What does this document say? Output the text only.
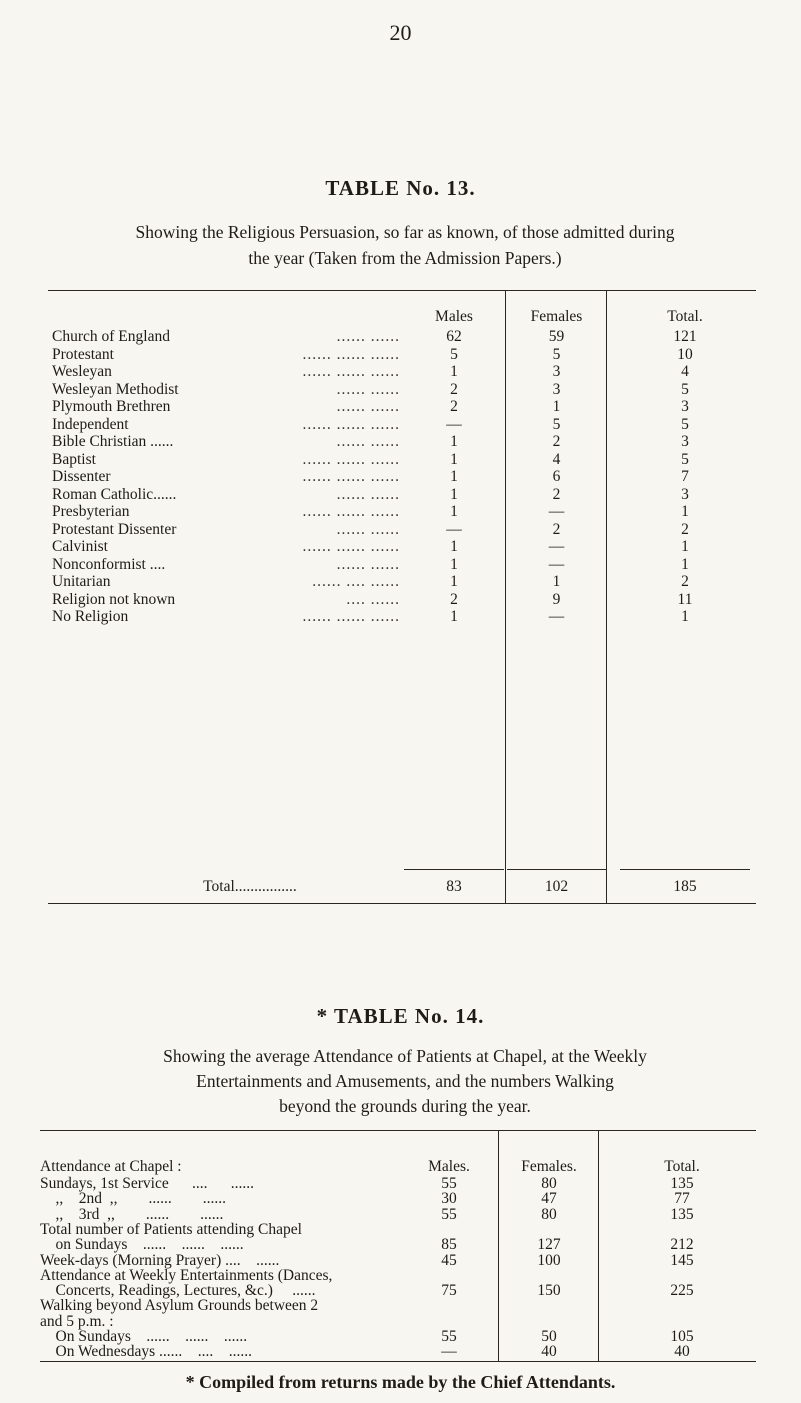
20
TABLE No. 13.
Showing the Religious Persuasion, so far as known, of those admitted during
the year (Taken from the Admission Papers.)
Males	Females	Total.
Church of England	...... ......	62	59	121
Protestant	...... ...... ......	5	5	10
Wesleyan	...... ...... ......	1	3	4
Wesleyan Methodist	...... ......	2	3	5
Plymouth Brethren	...... ......	2	1	3
Independent	...... ...... ......	—	5	5
Bible Christian ......	...... ......	1	2	3
Baptist	...... ...... ......	1	4	5
Dissenter	...... ...... ......	1	6	7
Roman Catholic......	...... ......	1	2	3
Presbyterian	...... ...... ......	1	—	1
Protestant Dissenter	...... ......	—	2	2
Calvinist	...... ...... ......	1	—	1
Nonconformist ....	...... ......	1	—	1
Unitarian	...... .... ......	1	1	2
Religion not known	.... ......	2	9	11
No Religion	...... ...... ......	1	—	1
Total................	83	102	185
* TABLE No. 14.
Showing the average Attendance of Patients at Chapel, at the Weekly
Entertainments and Amusements, and the numbers Walking
beyond the grounds during the year.
Attendance at Chapel :	Males.	Females.	Total.
Sundays, 1st Service      ....      ......	55	80	135
,,    2nd  ,,        ......        ......	30	47	77
,,    3rd  ,,        ......        ......	55	80	135
Total number of Patients attending Chapel
on Sundays    ......    ......    ......	85	127	212
Week-days (Morning Prayer) ....    ......	45	100	145
Attendance at Weekly Entertainments (Dances,
Concerts, Readings, Lectures, &c.)     ......	75	150	225
Walking beyond Asylum Grounds between 2
and 5 p.m. :
On Sundays    ......    ......    ......	55	50	105
On Wednesdays ......    ....    ......	—	40	40
* Compiled from returns made by the Chief Attendants.
